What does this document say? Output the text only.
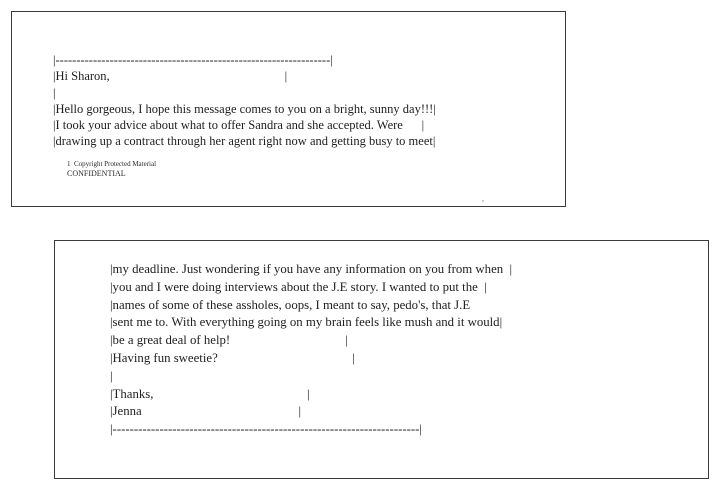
|------------------------------------------------------------------|
|Hi Sharon,                                                        |
|
|Hello gorgeous, I hope this message comes to you on a bright, sunny day!!!|
|I took your advice about what to offer Sandra and she accepted. Were      |
|drawing up a contract through her agent right now and getting busy to meet|
1  Copyright Protected Material
CONFIDENTIAL
|my deadline. Just wondering if you have any information on you from when  |
|you and I were doing interviews about the J.E story. I wanted to put the  |
|names of some of these assholes, oops, I meant to say, pedo's, that J.E
|sent me to. With everything going on my brain feels like mush and it would|
|be a great deal of help!                                    |
|Having fun sweetie?                                          |
|
|Thanks,                                                |
|Jenna                                                 |
|------------------------------------------------------------------------|
